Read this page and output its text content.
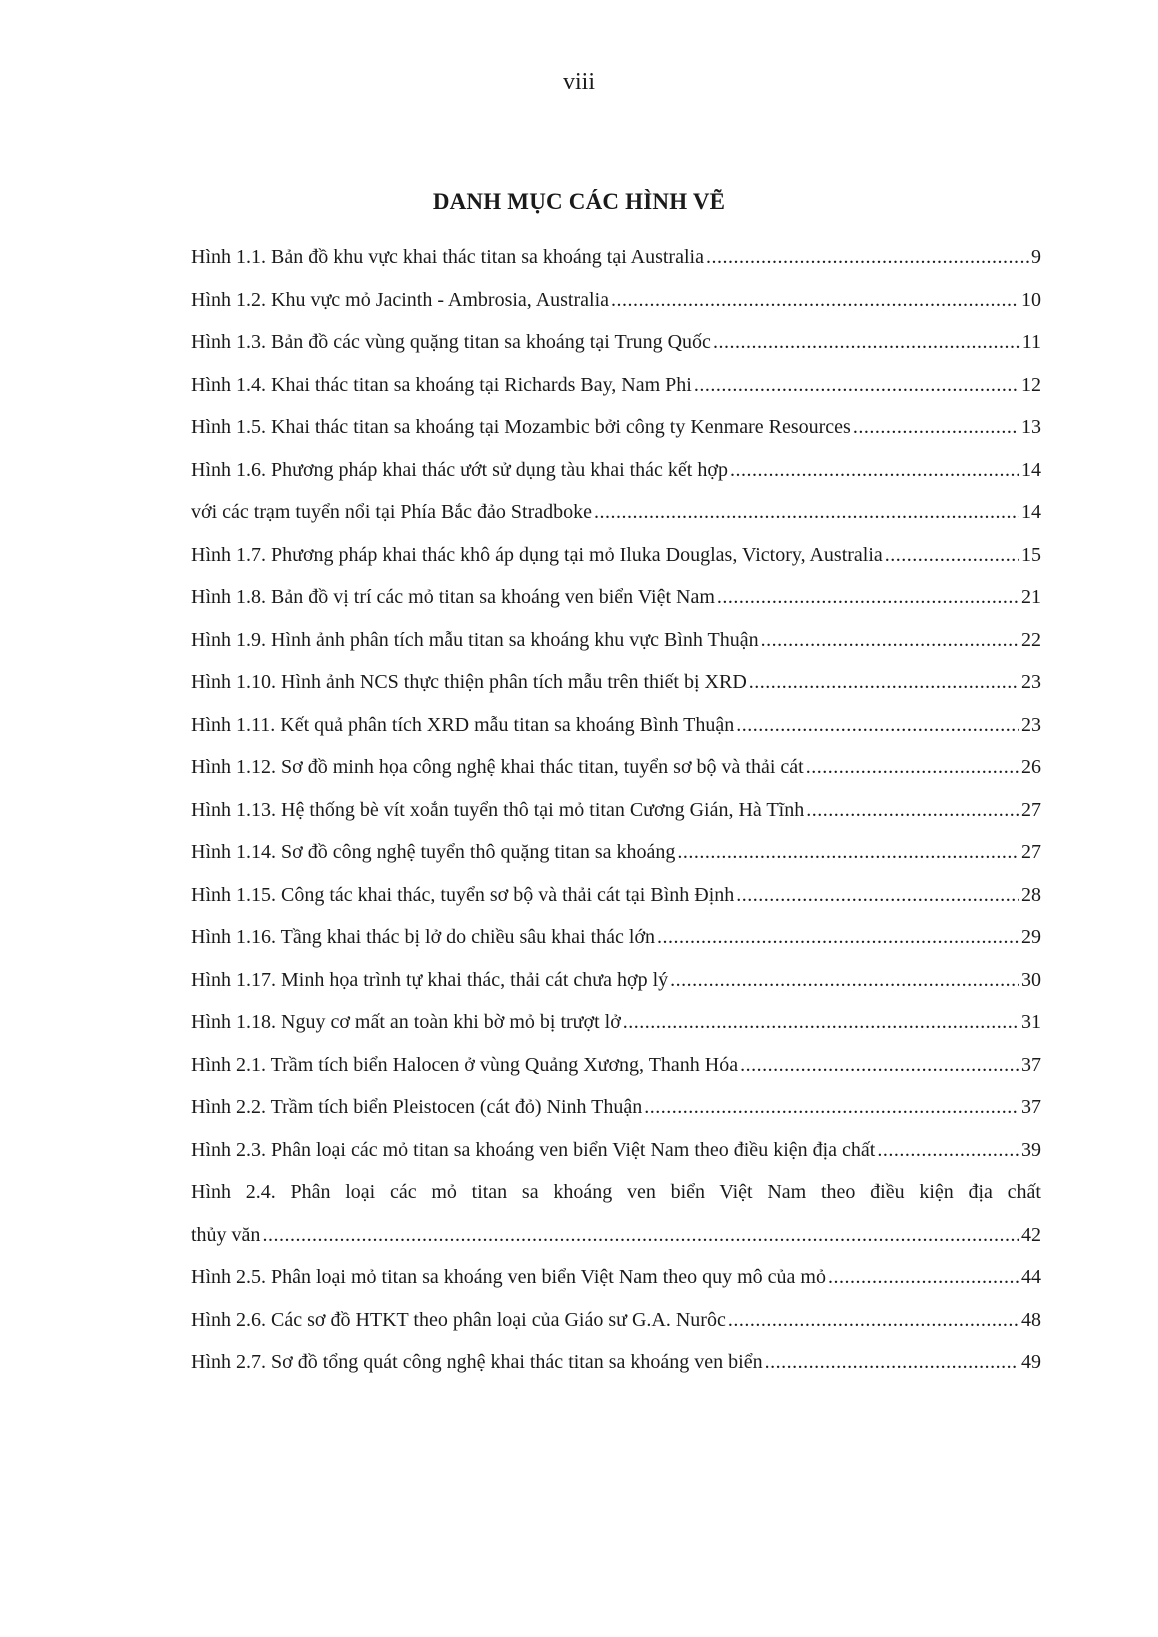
viii
DANH MỤC CÁC HÌNH VẼ
Hình 1.1. Bản đồ khu vực khai thác titan sa khoáng tại Australia .....	9
Hình 1.2. Khu vực mỏ Jacinth - Ambrosia, Australia .....	10
Hình 1.3. Bản đồ các vùng quặng titan sa khoáng tại Trung Quốc .....	11
Hình 1.4. Khai thác titan sa khoáng tại Richards Bay, Nam Phi .....	12
Hình 1.5. Khai thác titan sa khoáng tại Mozambic bởi công ty Kenmare Resources .....	13
Hình 1.6. Phương pháp khai thác ướt sử dụng tàu khai thác kết hợp .....	14
với các trạm tuyển nổi tại Phía Bắc đảo Stradboke .....	14
Hình 1.7. Phương pháp khai thác khô áp dụng tại mỏ Iluka Douglas, Victory, Australia .....	15
Hình 1.8. Bản đồ vị trí các mỏ titan sa khoáng ven biển Việt Nam .....	21
Hình 1.9. Hình ảnh phân tích mẫu titan sa khoáng khu vực Bình Thuận .....	22
Hình 1.10. Hình ảnh NCS thực thiện phân tích mẫu trên thiết bị XRD .....	23
Hình 1.11. Kết quả phân tích XRD mẫu titan sa khoáng Bình Thuận .....	23
Hình 1.12. Sơ đồ minh họa công nghệ khai thác titan, tuyển sơ bộ và thải cát .....	26
Hình 1.13. Hệ thống bè vít xoắn tuyển thô tại mỏ titan Cương Gián, Hà Tĩnh .....	27
Hình 1.14. Sơ đồ công nghệ tuyển thô quặng titan sa khoáng .....	27
Hình 1.15. Công tác khai thác, tuyển sơ bộ và thải cát tại Bình Định .....	28
Hình 1.16. Tầng khai thác bị lở do chiều sâu khai thác lớn .....	29
Hình 1.17. Minh họa trình tự khai thác, thải cát chưa hợp lý .....	30
Hình 1.18. Nguy cơ mất an toàn khi bờ mỏ bị trượt lở .....	31
Hình 2.1. Trầm tích biển Halocen ở vùng Quảng Xương, Thanh Hóa .....	37
Hình 2.2. Trầm tích biển Pleistocen (cát đỏ) Ninh Thuận .....	37
Hình 2.3. Phân loại các mỏ titan sa khoáng ven biển Việt Nam theo điều kiện địa chất .....	39
Hình 2.4. Phân loại các mỏ titan sa khoáng ven biển Việt Nam theo điều kiện địa chất
thủy văn .....	42
Hình 2.5. Phân loại mỏ titan sa khoáng ven biển Việt Nam theo quy mô của mỏ .....	44
Hình 2.6. Các sơ đồ HTKT theo phân loại của Giáo sư G.A. Nurôc .....	48
Hình 2.7. Sơ đồ tổng quát công nghệ khai thác titan sa khoáng ven biển .....	49
